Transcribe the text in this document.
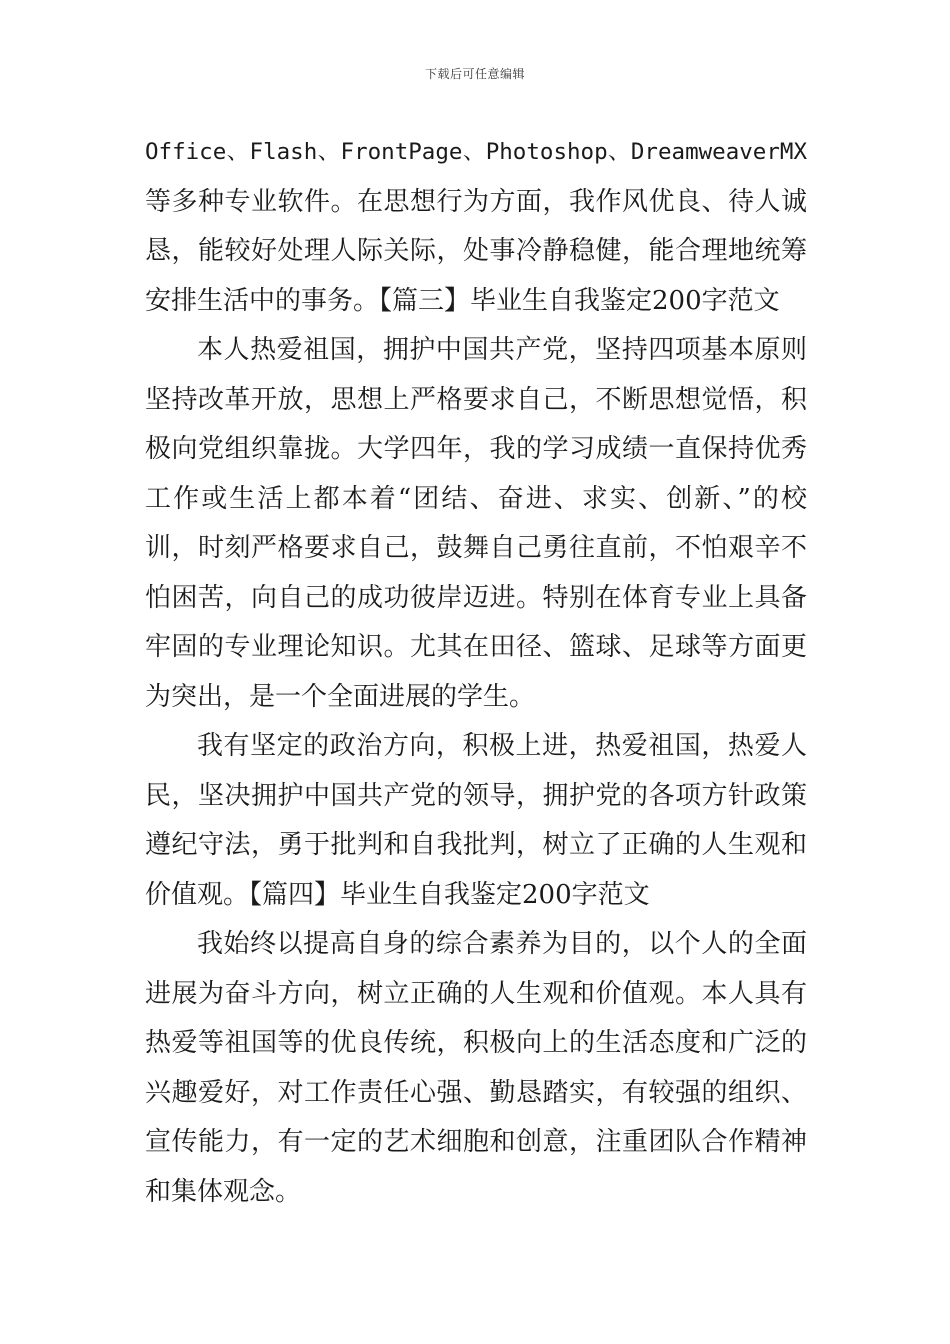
下载后可任意编辑
Office、Flash、FrontPage、Photoshop、DreamweaverMX
等多种专业软件。在思想行为方面，我作风优良、待人诚
恳，能较好处理人际关际，处事冷静稳健，能合理地统筹
安排生活中的事务。【篇三】毕业生自我鉴定200字范文
本人热爱祖国，拥护中国共产党，坚持四项基本原则
坚持改革开放，思想上严格要求自己，不断思想觉悟，积
极向党组织靠拢。大学四年，我的学习成绩一直保持优秀
工作或生活上都本着“团结、奋进、求实、创新、”的校
训，时刻严格要求自己，鼓舞自己勇往直前，不怕艰辛不
怕困苦，向自己的成功彼岸迈进。特别在体育专业上具备
牢固的专业理论知识。尤其在田径、篮球、足球等方面更
为突出，是一个全面进展的学生。
我有坚定的政治方向，积极上进，热爱祖国，热爱人
民，坚决拥护中国共产党的领导，拥护党的各项方针政策
遵纪守法，勇于批判和自我批判，树立了正确的人生观和
价值观。【篇四】毕业生自我鉴定200字范文
我始终以提高自身的综合素养为目的，以个人的全面
进展为奋斗方向，树立正确的人生观和价值观。本人具有
热爱等祖国等的优良传统，积极向上的生活态度和广泛的
兴趣爱好，对工作责任心强、勤恳踏实，有较强的组织、
宣传能力，有一定的艺术细胞和创意，注重团队合作精神
和集体观念。
